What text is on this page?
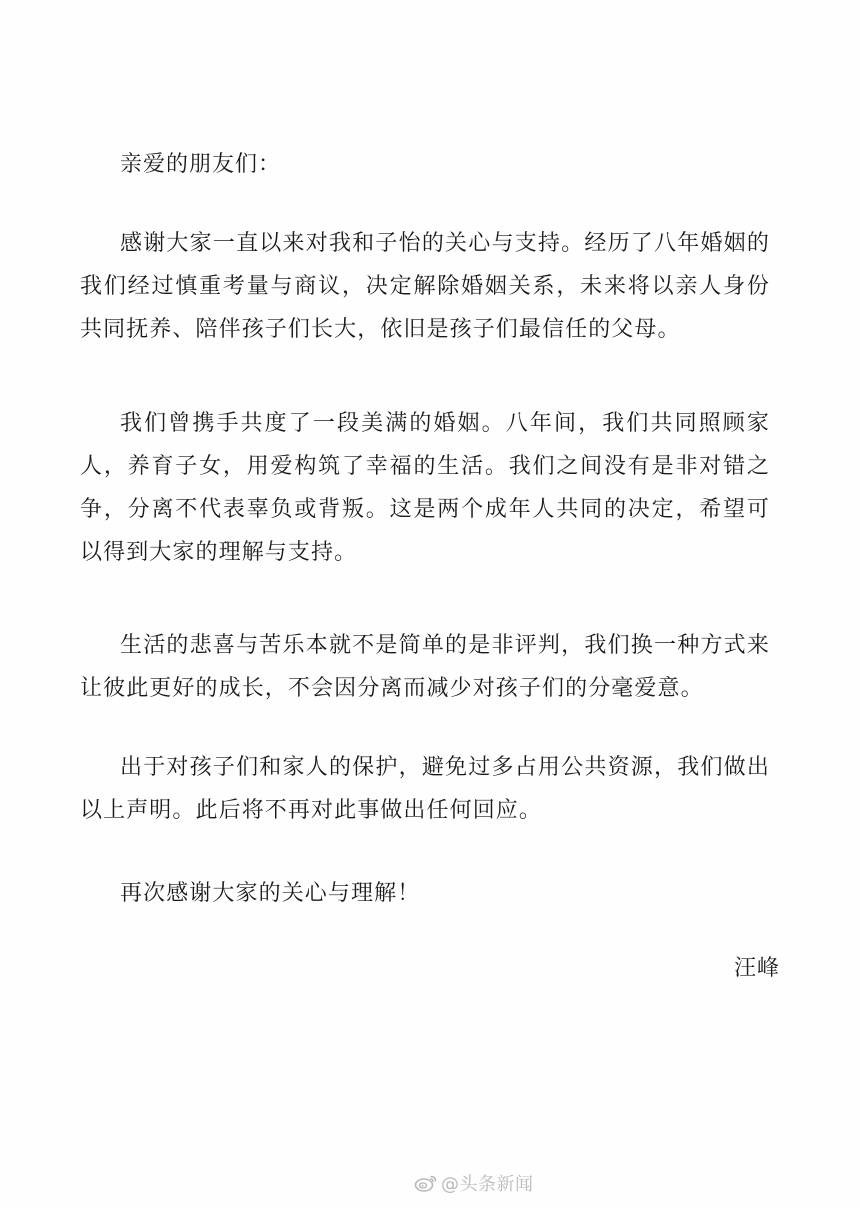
亲爱的朋友们：

感谢大家一直以来对我和子怡的关心与支持。经历了八年婚姻的我们经过慎重考量与商议，决定解除婚姻关系，未来将以亲人身份共同抚养、陪伴孩子们长大，依旧是孩子们最信任的父母。

我们曾携手共度了一段美满的婚姻。八年间，我们共同照顾家人，养育子女，用爱构筑了幸福的生活。我们之间没有是非对错之争，分离不代表辜负或背叛。这是两个成年人共同的决定，希望可以得到大家的理解与支持。

生活的悲喜与苦乐本就不是简单的是非评判，我们换一种方式来让彼此更好的成长，不会因分离而减少对孩子们的分毫爱意。

出于对孩子们和家人的保护，避免过多占用公共资源，我们做出以上声明。此后将不再对此事做出任何回应。

再次感谢大家的关心与理解！

汪峰

@头条新闻
